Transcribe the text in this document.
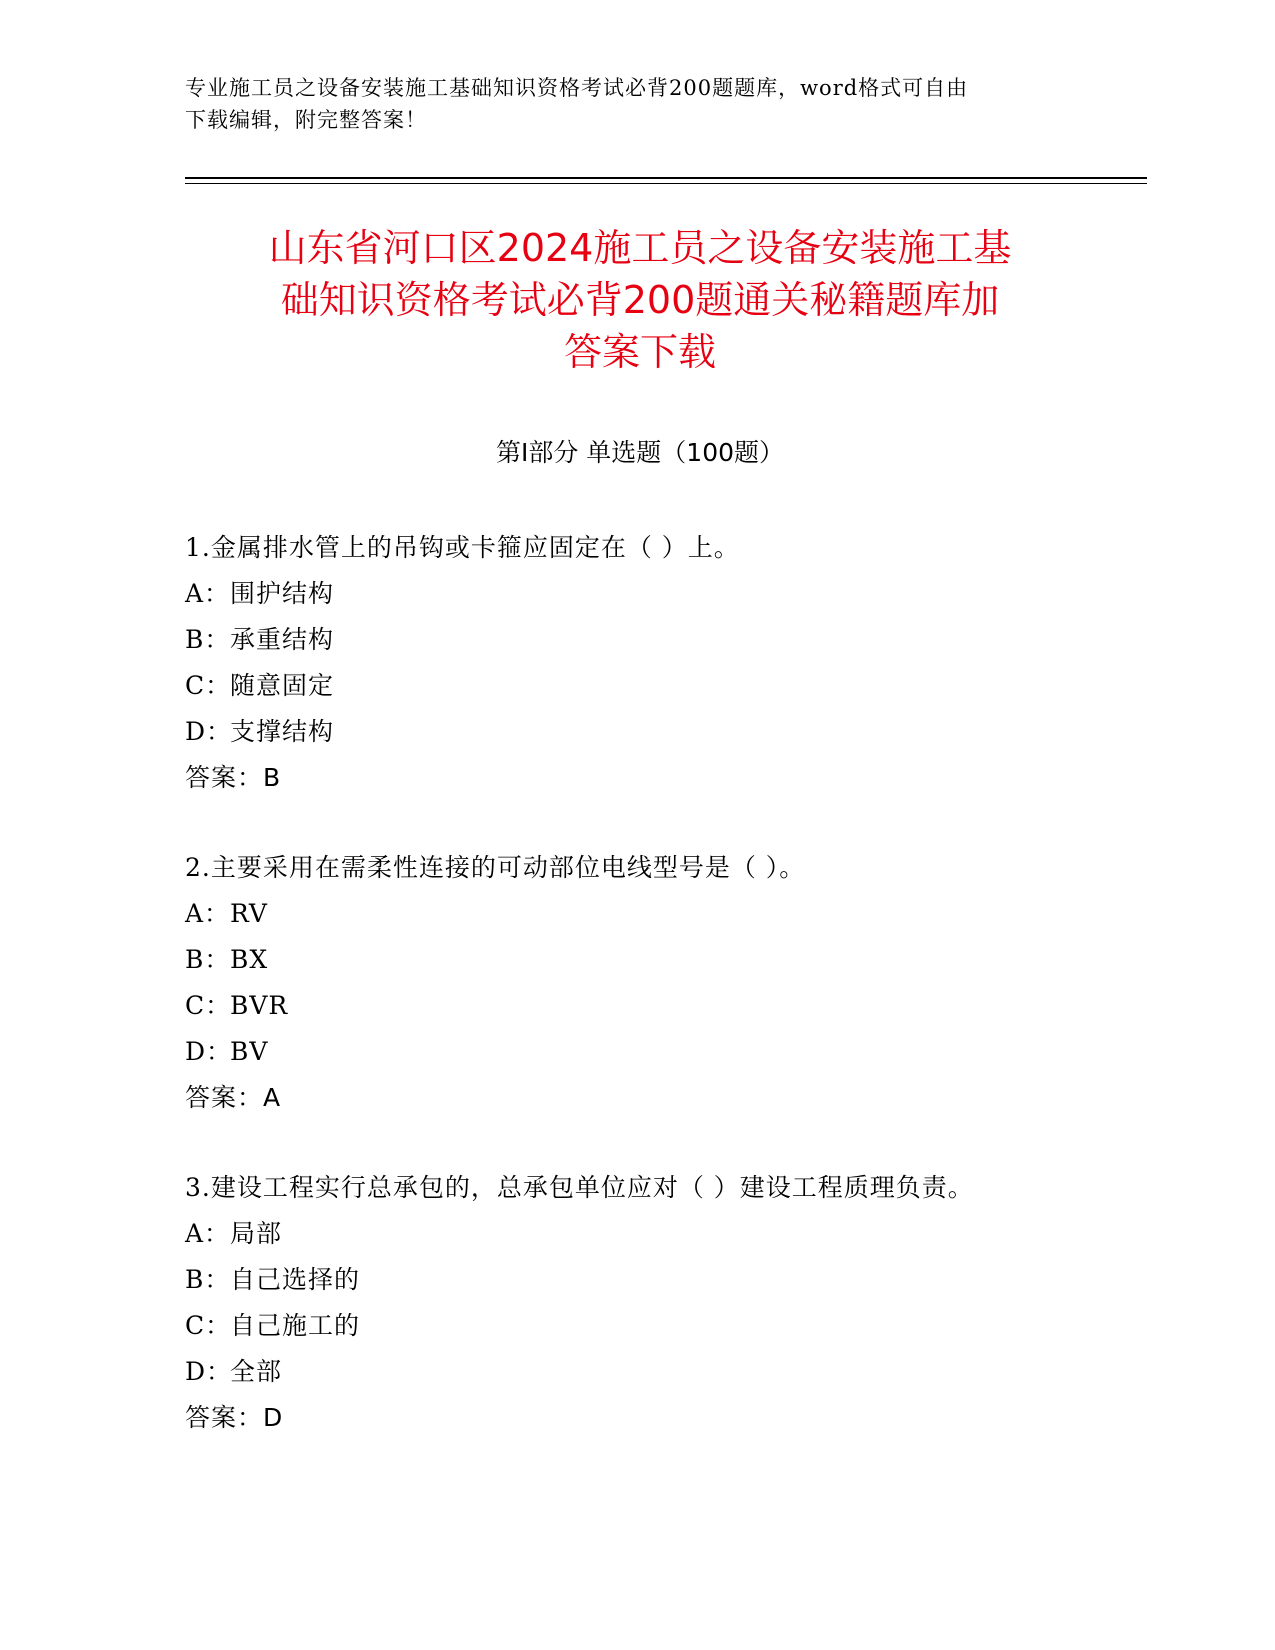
专业施工员之设备安装施工基础知识资格考试必背200题题库，word格式可自由
下载编辑，附完整答案！
山东省河口区2024施工员之设备安装施工基
础知识资格考试必背200题通关秘籍题库加
答案下载
第Ⅰ部分 单选题（100题）
1.金属排水管上的吊钩或卡箍应固定在（ ）上。
A：围护结构
B：承重结构
C：随意固定
D：支撑结构
答案：B
2.主要采用在需柔性连接的可动部位电线型号是（ ）。
A：RV
B：BX
C：BVR
D：BV
答案：A
3.建设工程实行总承包的，总承包单位应对（ ）建设工程质理负责。
A：局部
B：自己选择的
C：自己施工的
D：全部
答案：D
